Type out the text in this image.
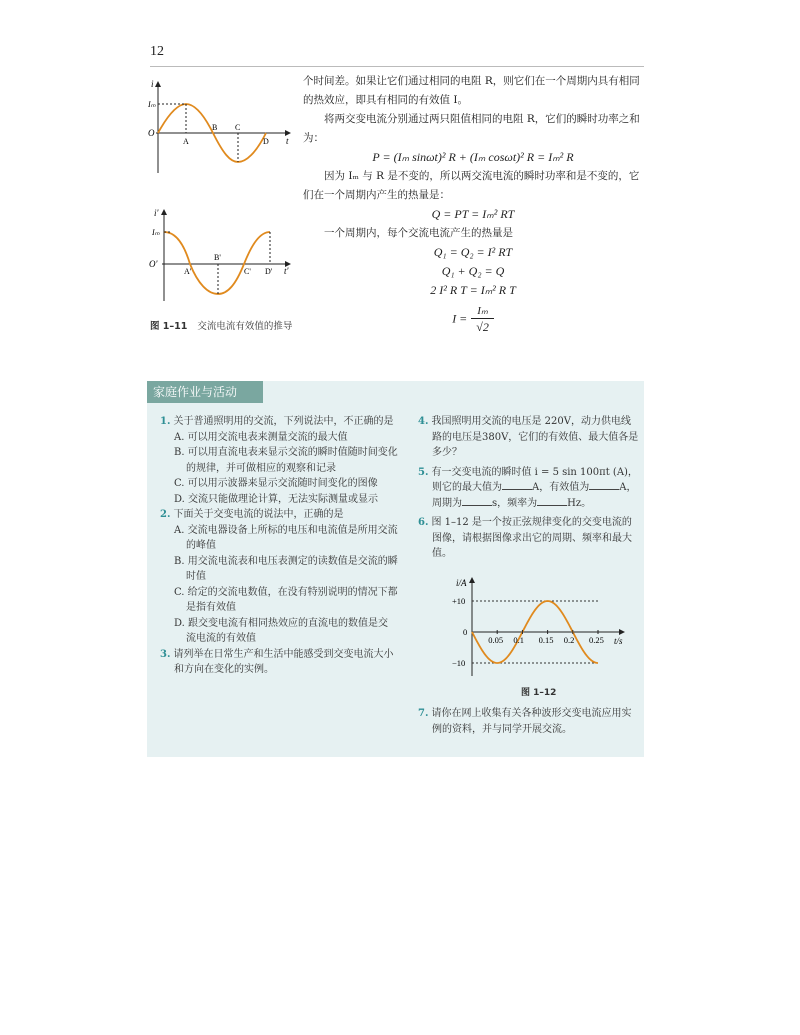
12
i
Iₘ
O
t
A
B C
D
i'
Iₘ
O'
t'
A'
B'
C' D'
图 1–11 交流电流有效值的推导

个时间差。如果让它们通过相同的电阻 R，则它们在一个周期内具有相同的热效应，即具有相同的有效值 I。

将两交变电流分别通过两只阻值相同的电阻 R，它们的瞬时功率之和为：

P = (Iₘ sinωt)² R + (Iₘ cosωt)² R = Iₘ² R

因为 Iₘ 与 R 是不变的，所以两交流电流的瞬时功率和是不变的，它们在一个周期内产生的热量是：

Q = PT = Iₘ² RT

一个周期内，每个交流电流产生的热量是

Q₁ = Q₂ = I² RT

Q₁ + Q₂ = Q

2 I² R T = Iₘ² R T

$I = \frac{\text{Iₘ}}{√2}$

家庭作业与活动

1. 关于普通照明用的交流，下列说法中，不正确的是

A. 可以用交流电表来测量交流的最大值

B. 可以用直流电表来显示交流的瞬时值随时间变化的规律，并可做相应的观察和记录

C. 可以用示波器来显示交流随时间变化的图像

D. 交流只能做理论计算，无法实际测量或显示

2. 下面关于交变电流的说法中，正确的是

A. 交流电器设备上所标的电压和电流值是所用交流的峰值

B. 用交流电流表和电压表测定的读数值是交流的瞬时值

C. 给定的交流电数值，在没有特别说明的情况下都是指有效值

D. 跟交变电流有相同热效应的直流电的数值是交流电流的有效值

3. 请列举在日常生产和生活中能感受到交变电流大小和方向在变化的实例。

4. 我国照明用交流的电压是 220V，动力供电线路的电压是380V，它们的有效值、最大值各是多少？

5. 有一交变电流的瞬时值 i = 5 sin 100πt (A)，则它的最大值为	A，有效值为	A，周期为	s，频率为	Hz。

6. 图 1–12 是一个按正弦规律变化的交变电流的图像，请根据图像求出它的周期、频率和最大值。

i/A
t/s
+10
0
−10
0.05 0.1 0.15 0.2 0.25
图 1–12

7. 请你在网上收集有关各种波形交变电流应用实例的资料，并与同学开展交流。
